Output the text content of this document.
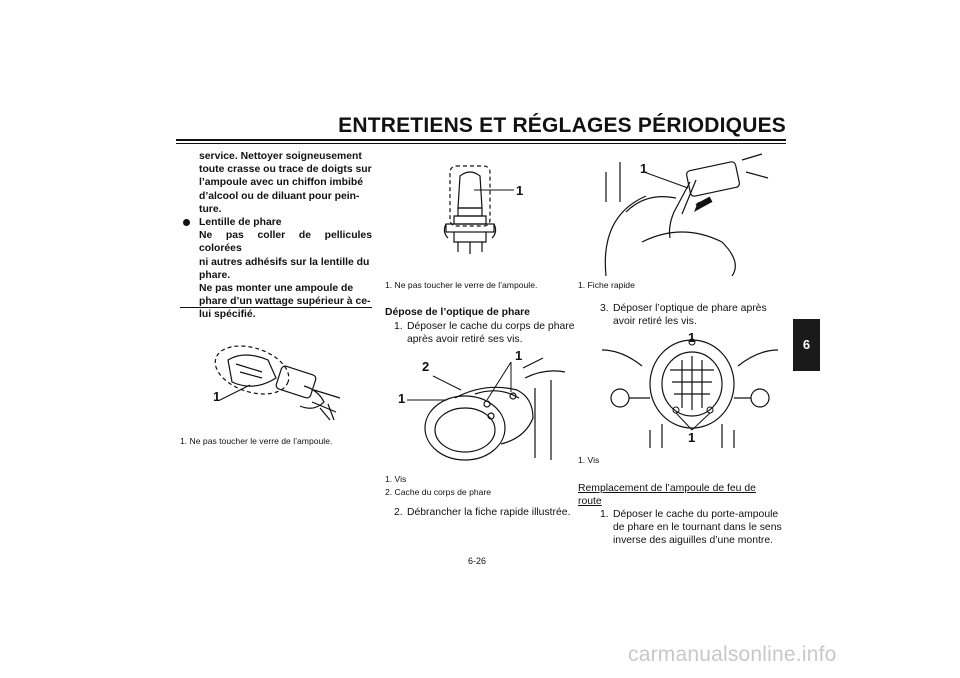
ENTRETIENS ET RÉGLAGES PÉRIODIQUES
6
service. Nettoyer soigneusement
toute crasse ou trace de doigts sur
l’ampoule avec un chiffon imbibé
d’alcool ou de diluant pour pein-
ture.
Lentille de phare
Ne pas coller de pellicules colorées
ni autres adhésifs sur la lentille du
phare.
Ne pas monter une ampoule de
phare d’un wattage supérieur à ce-
lui spécifié.
1
1. Ne pas toucher le verre de l’ampoule.
1
1. Ne pas toucher le verre de l’ampoule.
Dépose de l’optique de phare
1. Déposer le cache du corps de phare
après avoir retiré ses vis.
2
1
1
1. Vis
2. Cache du corps de phare
2. Débrancher la fiche rapide illustrée.
1
1. Fiche rapide
3. Déposer l’optique de phare après
avoir retiré les vis.
1
1
1. Vis
Remplacement de l’ampoule de feu de
route
1. Déposer le cache du porte-ampoule
de phare en le tournant dans le sens
inverse des aiguilles d’une montre.
6-26
carmanualsonline.info
